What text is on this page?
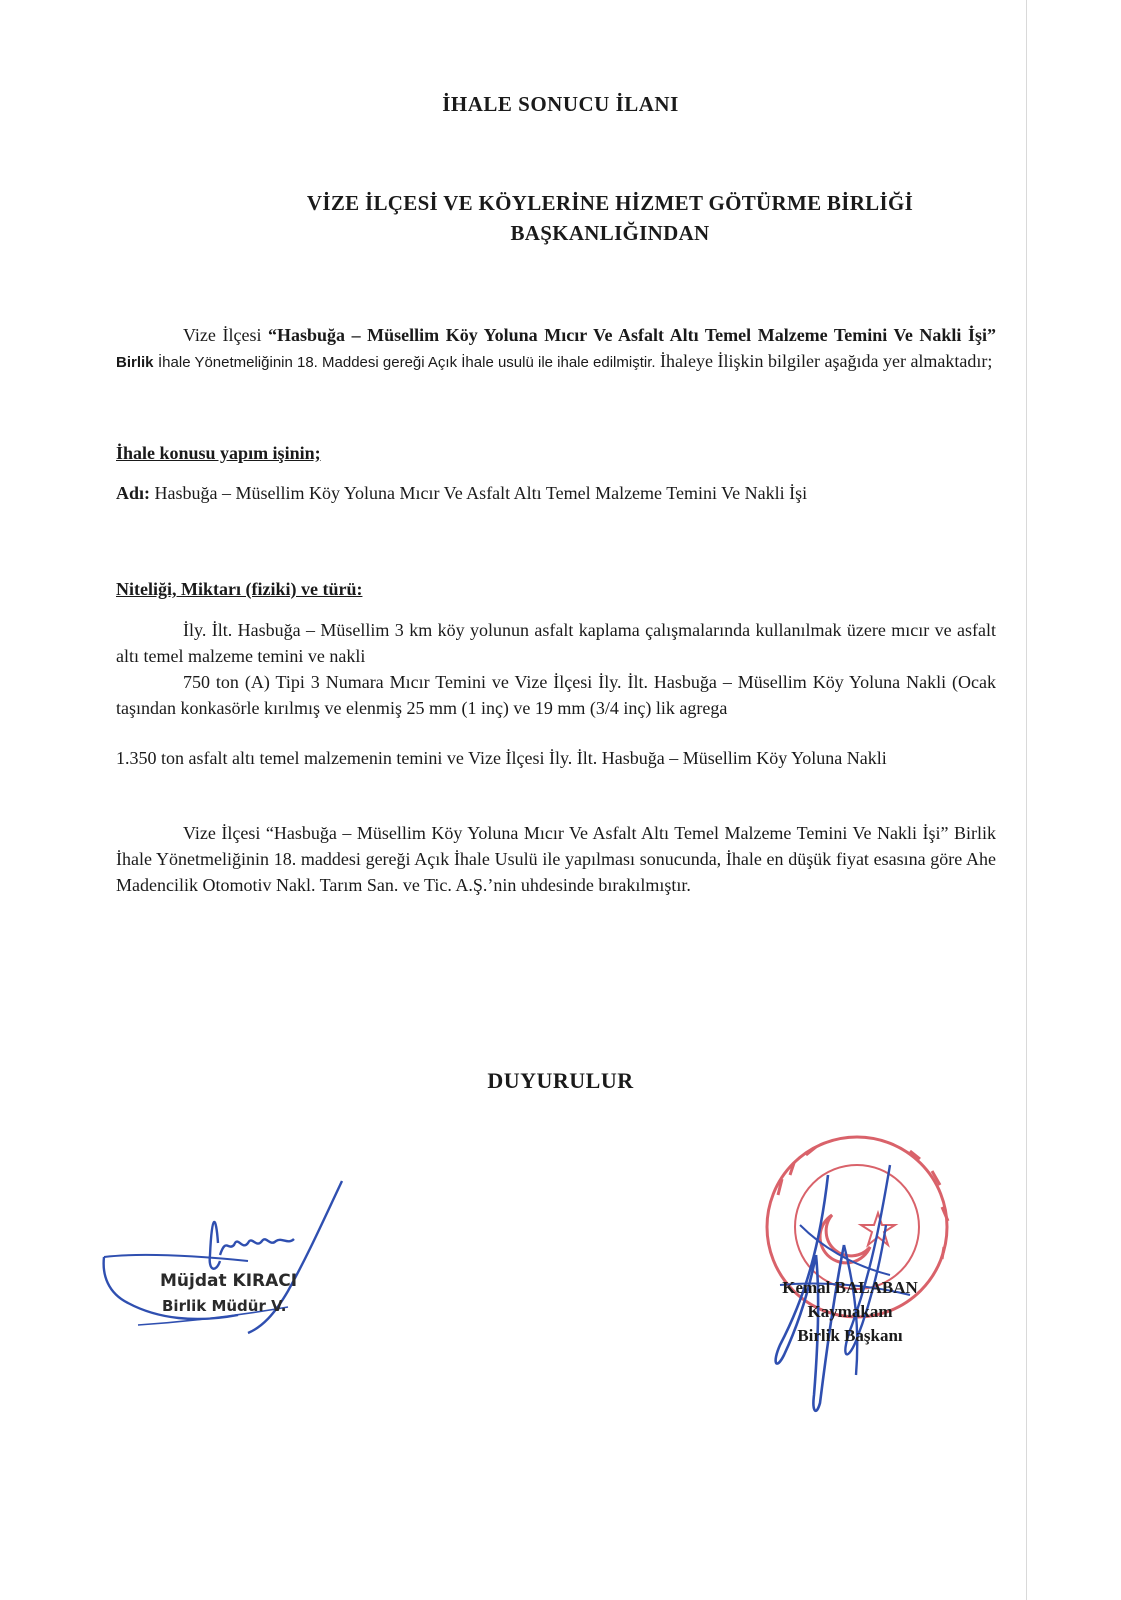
İHALE SONUCU İLANI
VİZE İLÇESİ VE KÖYLERİNE HİZMET GÖTÜRME BİRLİĞİ
BAŞKANLIĞINDAN
Vize İlçesi “Hasbuğa – Müsellim Köy Yoluna Mıcır Ve Asfalt Altı Temel Malzeme Temini Ve Nakli İşi” Birlik İhale Yönetmeliğinin 18. Maddesi gereği Açık İhale usulü ile ihale edilmiştir. İhaleye İlişkin bilgiler aşağıda yer almaktadır;
İhale konusu yapım işinin;
Adı: Hasbuğa – Müsellim Köy Yoluna Mıcır Ve Asfalt Altı Temel Malzeme Temini Ve Nakli İşi
Niteliği, Miktarı (fiziki) ve türü:
İly. İlt. Hasbuğa – Müsellim 3 km köy yolunun asfalt kaplama çalışmalarında kullanılmak üzere mıcır ve asfalt altı temel malzeme temini ve nakli
750 ton (A) Tipi 3 Numara Mıcır Temini ve Vize İlçesi İly. İlt. Hasbuğa – Müsellim Köy Yoluna Nakli (Ocak taşından konkasörle kırılmış ve elenmiş 25 mm (1 inç) ve 19 mm (3/4 inç) lik agrega
1.350 ton asfalt altı temel malzemenin temini ve Vize İlçesi İly. İlt. Hasbuğa – Müsellim Köy Yoluna Nakli
Vize İlçesi “Hasbuğa – Müsellim Köy Yoluna Mıcır Ve Asfalt Altı Temel Malzeme Temini Ve Nakli İşi” Birlik İhale Yönetmeliğinin 18. maddesi gereği Açık İhale Usulü ile yapılması sonucunda, İhale en düşük fiyat esasına göre Ahe Madencilik Otomotiv Nakl. Tarım San. ve Tic. A.Ş.’nin uhdesinde bırakılmıştır.
DUYURULUR
Müjdat KIRACI
Birlik Müdür V.
Kemal BALABAN
Kaymakam
Birlik Başkanı
